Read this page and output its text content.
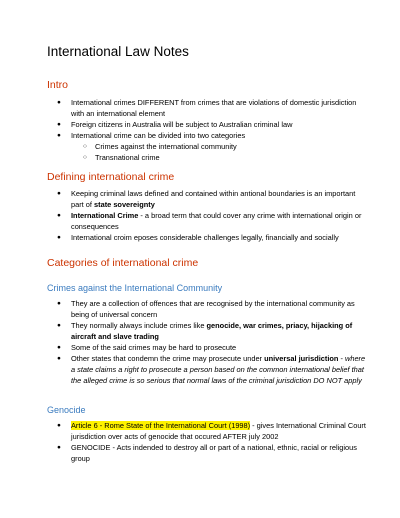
International Law Notes
Intro
● International crimes DIFFERENT from crimes that are violations of domestic jurisdiction with an international element
● Foreign citizens in Australia will be subject to Australian criminal law
● International crime can be divided into two categories
○ Crimes against the international community
○ Transnational crime
Defining international crime
● Keeping criminal laws defined and contained within antional boundaries is an important part of state sovereignty
● International Crime - a broad term that could cover any crime with international origin or consequences
● International croim eposes considerable challenges legally, financially and socially
Categories of international crime
Crimes against the International Community
● They are a collection of offences that are recognised by the international community as being of universal concern
● They normally always include crimes like genocide, war crimes, priacy, hijacking of aircraft and slave trading
● Some of the said crimes may be hard to prosecute
● Other states that condemn the crime may prosecute under universal jurisdiction - where a state claims a right to prosecute a person based on the common international belief that the alleged crime is so serious that normal laws of the criminal jurisdiction DO NOT apply
Genocide
● Article 6 - Rome State of the International Court (1998) - gives International Criminal Court jurisdiction over acts of genocide that occured AFTER july 2002
● GENOCIDE - Acts indended to destroy all or part of a national, ethnic, racial or religious group
